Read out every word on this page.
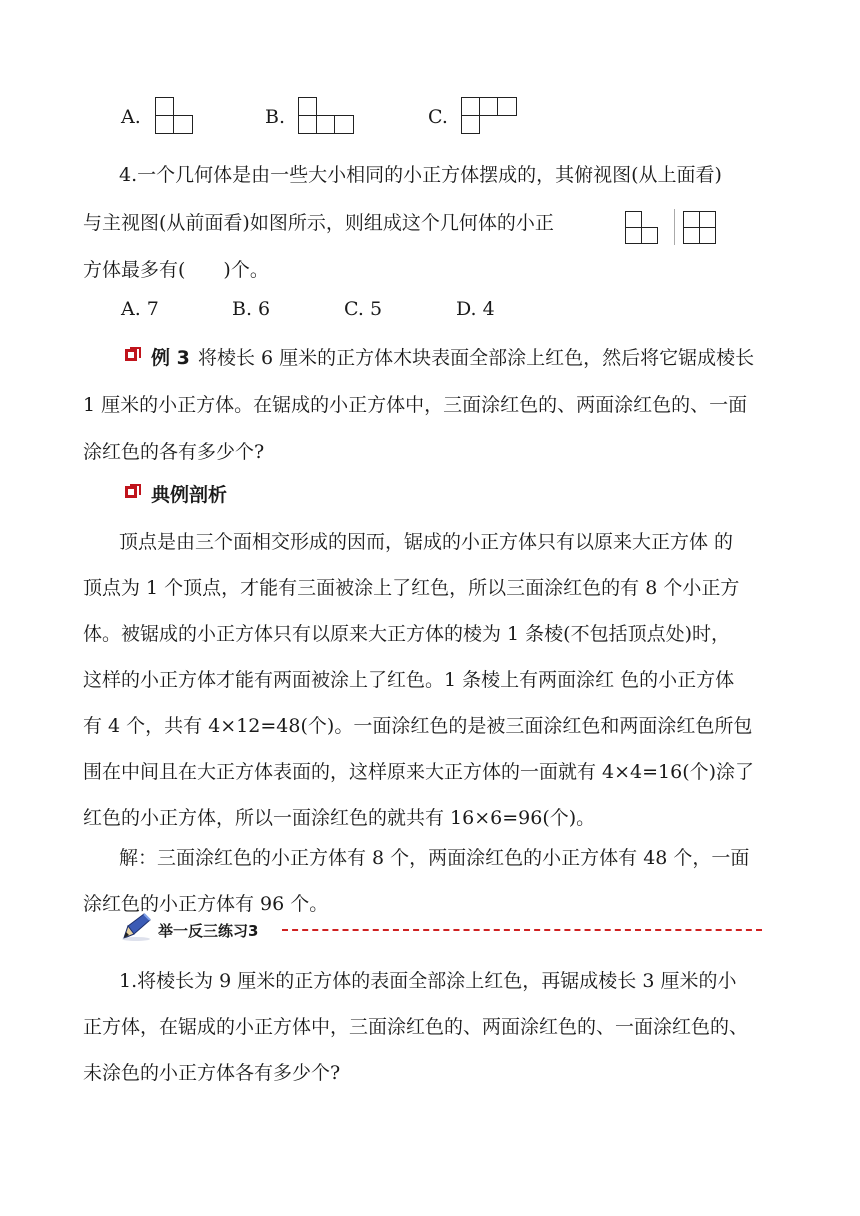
A.	B.	C.
4.一个几何体是由一些大小相同的小正方体摆成的，其俯视图(从上面看)
与主视图(从前面看)如图所示，则组成这个几何体的小正
方体最多有(　　)个。
A. 7	B. 6	C. 5	D. 4
例 3 将棱长 6 厘米的正方体木块表面全部涂上红色，然后将它锯成棱长
1 厘米的小正方体。在锯成的小正方体中，三面涂红色的、两面涂红色的、一面
涂红色的各有多少个?
典例剖析
顶点是由三个面相交形成的因而，锯成的小正方体只有以原来大正方体 的
顶点为 1 个顶点，才能有三面被涂上了红色，所以三面涂红色的有 8 个小正方
体。被锯成的小正方体只有以原来大正方体的棱为 1 条棱(不包括顶点处)时，
这样的小正方体才能有两面被涂上了红色。1 条棱上有两面涂红 色的小正方体
有 4 个，共有 4×12=48(个)。一面涂红色的是被三面涂红色和两面涂红色所包
围在中间且在大正方体表面的，这样原来大正方体的一面就有 4×4=16(个)涂了
红色的小正方体，所以一面涂红色的就共有 16×6=96(个)。
解：三面涂红色的小正方体有 8 个，两面涂红色的小正方体有 48 个，一面
涂红色的小正方体有 96 个。
举一反三练习3
1.将棱长为 9 厘米的正方体的表面全部涂上红色，再锯成棱长 3 厘米的小
正方体，在锯成的小正方体中，三面涂红色的、两面涂红色的、一面涂红色的、
未涂色的小正方体各有多少个?
